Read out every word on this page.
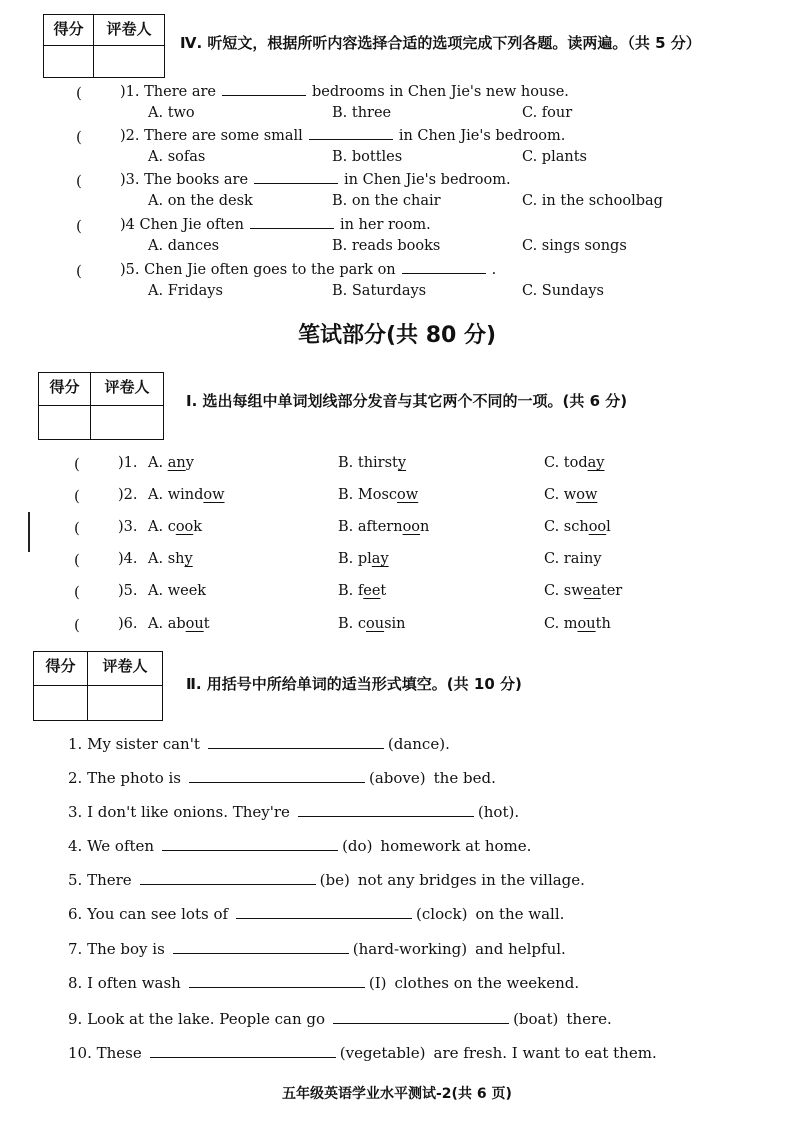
得分	评卷人
Ⅳ. 听短文，根据所听内容选择合适的选项完成下列各题。读两遍。（共 5 分）
(	)1. There are	bedrooms in Chen Jie's new house.
A. two	B. three	C. four
(	)2. There are some small	in Chen Jie's bedroom.
A. sofas	B. bottles	C. plants
(	)3. The books are	in Chen Jie's bedroom.
A. on the desk	B. on the chair	C. in the schoolbag
(	)4 Chen Jie often	in her room.
A. dances	B. reads books	C. sings songs
(	)5. Chen Jie often goes to the park on	.
A. Fridays	B. Saturdays	C. Sundays
笔试部分(共 80 分)
得分	评卷人
Ⅰ. 选出每组中单词划线部分发音与其它两个不同的一项。(共 6 分)
(	)1. A. any	B. thirsty	C. today
(	)2. A. window	B. Moscow	C. wow
(	)3. A. cook	B. afternoon	C. school
(	)4. A. shy	B. play	C. rainy
(	)5. A. week	B. feet	C. sweater
(	)6. A. about	B. cousin	C. mouth
得分	评卷人
Ⅱ. 用括号中所给单词的适当形式填空。(共 10 分)
1. My sister can't	(dance).
2. The photo is	(above) the bed.
3. I don't like onions. They're	(hot).
4. We often	(do) homework at home.
5. There	(be) not any bridges in the village.
6. You can see lots of	(clock) on the wall.
7. The boy is	(hard-working) and helpful.
8. I often wash	(I) clothes on the weekend.
9. Look at the lake. People can go	(boat) there.
10. These	(vegetable) are fresh. I want to eat them.
五年级英语学业水平测试-2(共 6 页)
